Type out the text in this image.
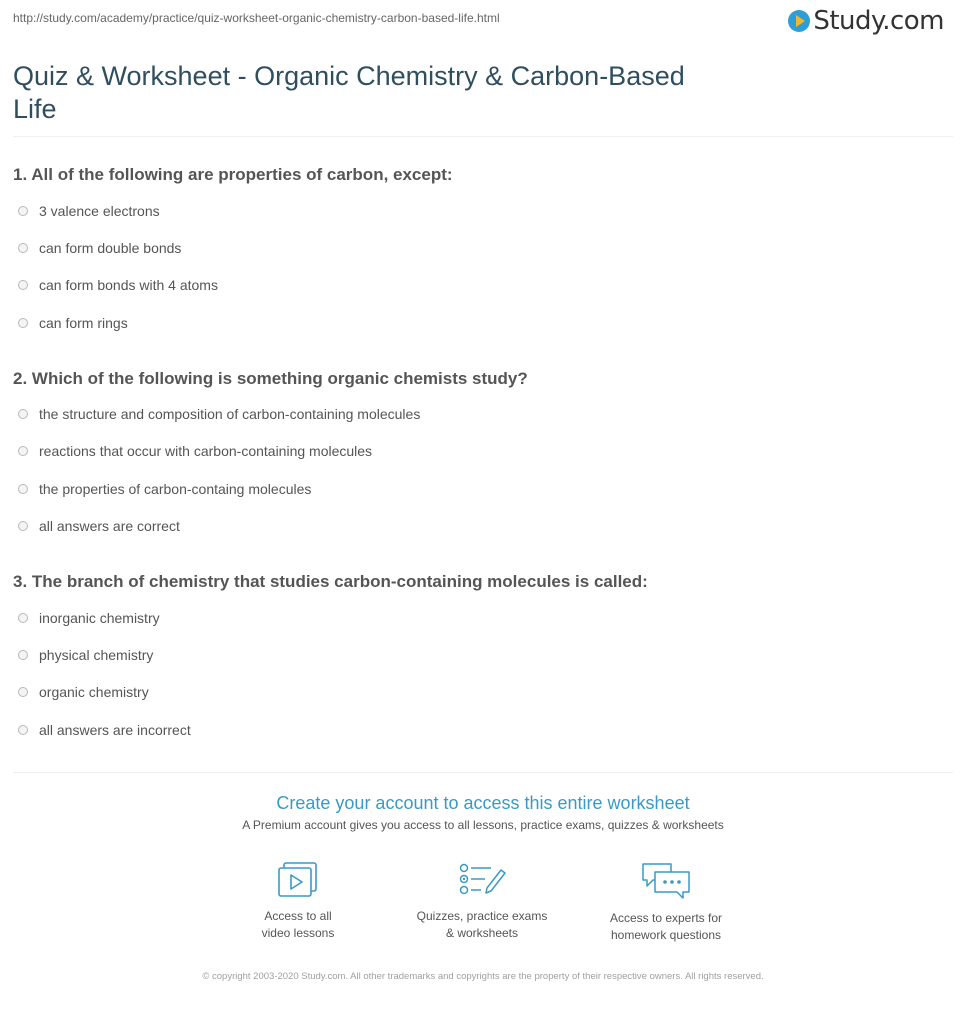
http://study.com/academy/practice/quiz-worksheet-organic-chemistry-carbon-based-life.html	Study.com
Quiz & Worksheet - Organic Chemistry & Carbon-Based Life
1. All of the following are properties of carbon, except:
3 valence electrons
can form double bonds
can form bonds with 4 atoms
can form rings
2. Which of the following is something organic chemists study?
the structure and composition of carbon-containing molecules
reactions that occur with carbon-containing molecules
the properties of carbon-containg molecules
all answers are correct
3. The branch of chemistry that studies carbon-containing molecules is called:
inorganic chemistry
physical chemistry
organic chemistry
all answers are incorrect
Create your account to access this entire worksheet
A Premium account gives you access to all lessons, practice exams, quizzes & worksheets
Access to all
video lessons
Quizzes, practice exams
& worksheets
Access to experts for
homework questions
© copyright 2003-2020 Study.com. All other trademarks and copyrights are the property of their respective owners. All rights reserved.
